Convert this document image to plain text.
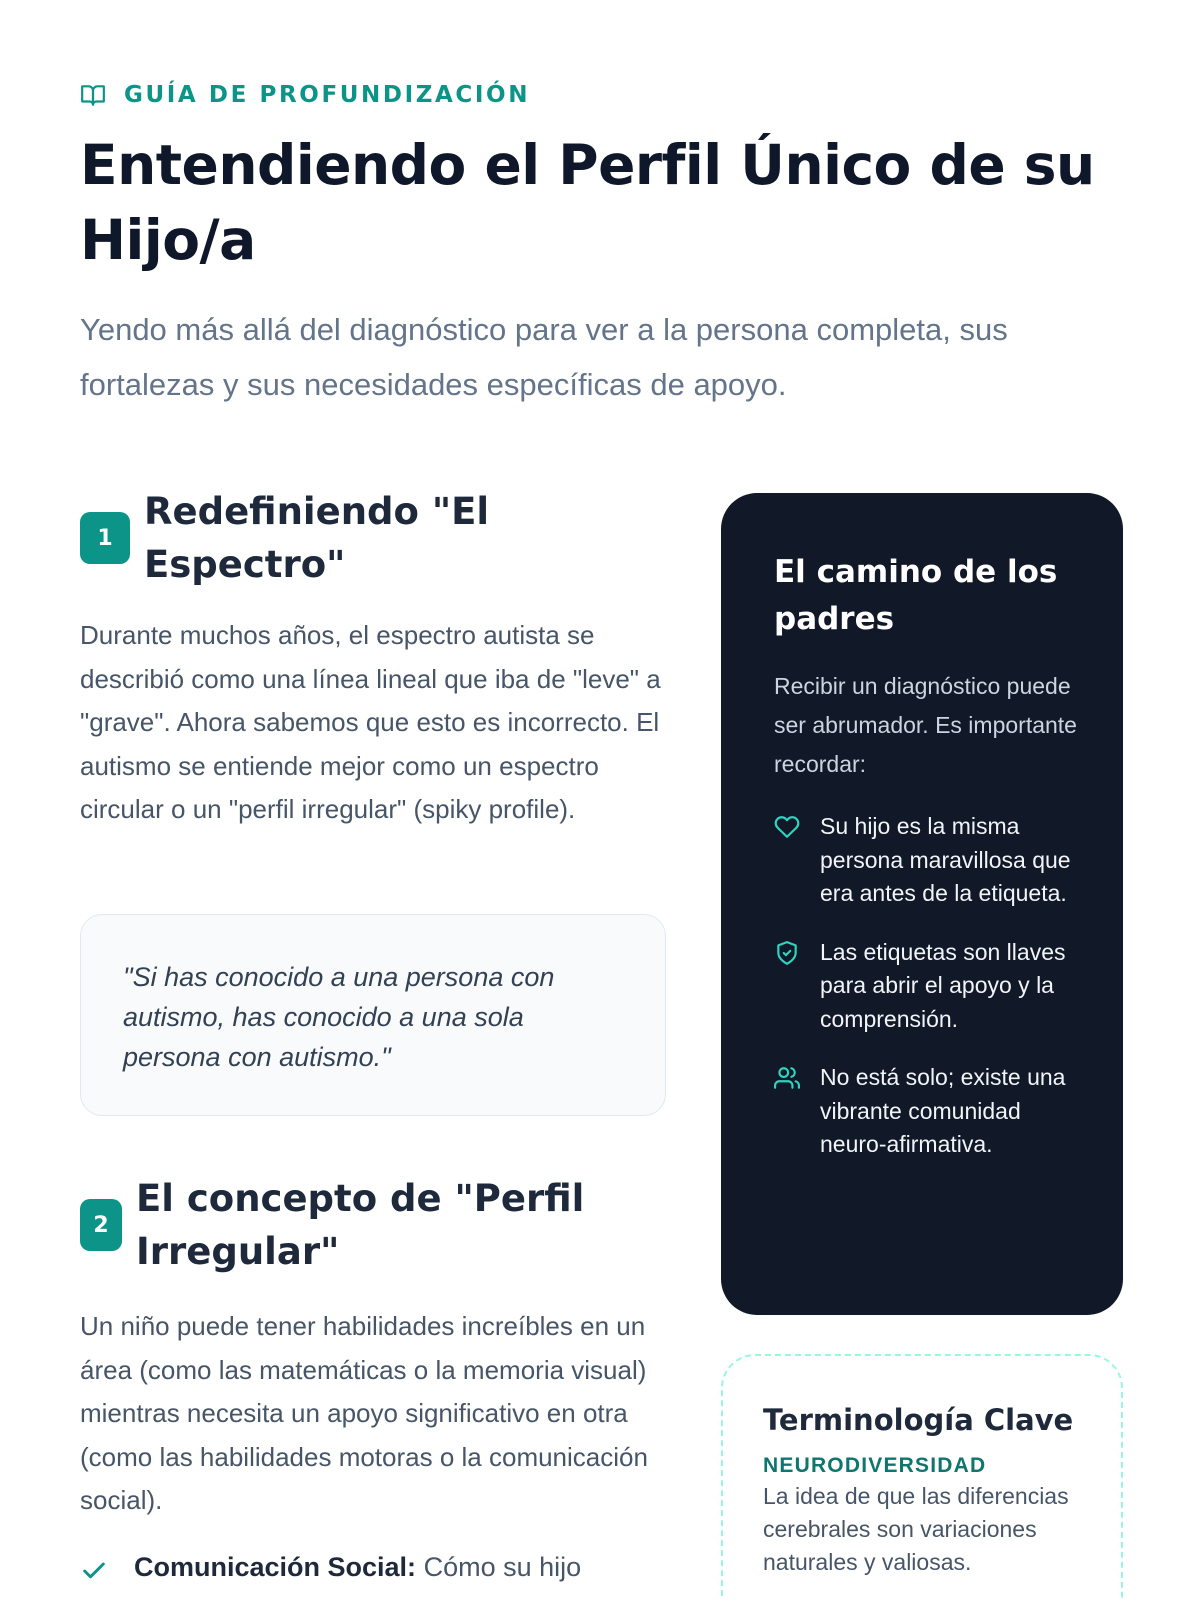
GUÍA DE PROFUNDIZACIÓN
Entendiendo el Perfil Único de su Hijo/a

Yendo más allá del diagnóstico para ver a la persona completa, sus fortalezas y sus necesidades específicas de apoyo.

1
Redefiniendo "El Espectro"

Durante muchos años, el espectro autista se describió como una línea lineal que iba de "leve" a "grave". Ahora sabemos que esto es incorrecto. El autismo se entiende mejor como un espectro circular o un "perfil irregular" (spiky profile).

"Si has conocido a una persona con autismo, has conocido a una sola persona con autismo."

2
El concepto de "Perfil Irregular"

Un niño puede tener habilidades increíbles en un área (como las matemáticas o la memoria visual) mientras necesita un apoyo significativo en otra (como las habilidades motoras o la comunicación social).

Comunicación Social: Cómo su hijo
El camino de los padres

Recibir un diagnóstico puede ser abrumador. Es importante recordar:

Su hijo es la misma persona maravillosa que era antes de la etiqueta.
Las etiquetas son llaves para abrir el apoyo y la comprensión.
No está solo; existe una vibrante comunidad neuro-afirmativa.
Terminología Clave
NEURODIVERSIDAD

La idea de que las diferencias cerebrales son variaciones naturales y valiosas.
